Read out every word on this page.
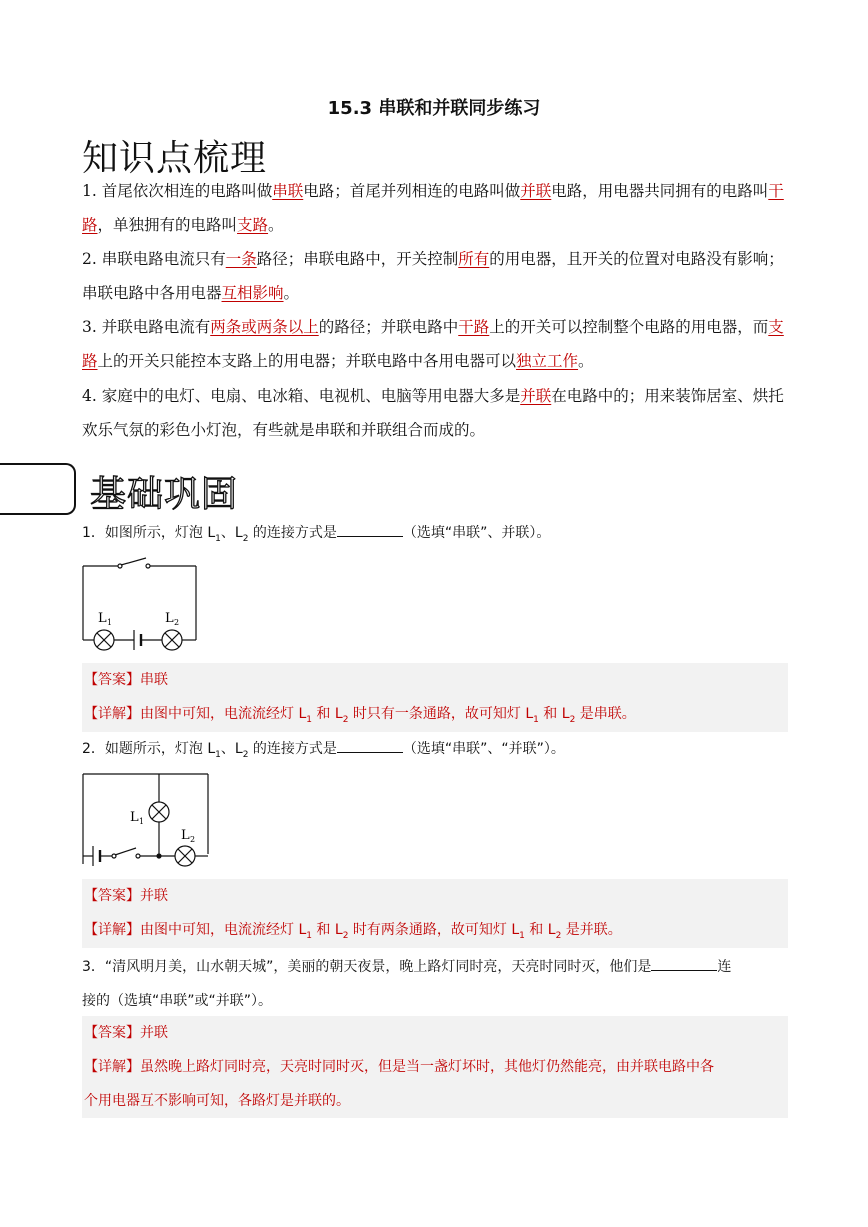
15.3 串联和并联同步练习
知识点梳理
1. 首尾依次相连的电路叫做串联电路；首尾并列相连的电路叫做并联电路，用电器共同拥有的电路叫干路，单独拥有的电路叫支路。
2. 串联电路电流只有一条路径；串联电路中，开关控制所有的用电器，且开关的位置对电路没有影响；串联电路中各用电器互相影响。
3. 并联电路电流有两条或两条以上的路径；并联电路中干路上的开关可以控制整个电路的用电器，而支路上的开关只能控本支路上的用电器；并联电路中各用电器可以独立工作。
4. 家庭中的电灯、电扇、电冰箱、电视机、电脑等用电器大多是并联在电路中的；用来装饰居室、烘托欢乐气氛的彩色小灯泡，有些就是串联和并联组合而成的。
基础巩固
1．如图所示，灯泡 $L_1$、$L_2$ 的连接方式是	（选填“串联”、并联）。
L 1	L 2

【答案】串联

【详解】由图中可知，电流流经灯 $L_1$ 和 $L_2$ 时只有一条通路，故可知灯 $L_1$ 和 $L_2$ 是串联。

2．如题所示，灯泡 $L_1$、$L_2$ 的连接方式是	（选填“串联”、“并联”）。
L 1
L 2

【答案】并联

【详解】由图中可知，电流流经灯 $L_1$ 和 $L_2$ 时有两条通路，故可知灯 $L_1$ 和 $L_2$ 是并联。

3．“清风明月美，山水朝天城”，美丽的朝天夜景，晚上路灯同时亮，天亮时同时灭，他们是	连
接的（选填“串联”或“并联”）。

【答案】并联

【详解】虽然晚上路灯同时亮，天亮时同时灭，但是当一盏灯坏时，其他灯仍然能亮，由并联电路中各

个用电器互不影响可知，各路灯是并联的。
